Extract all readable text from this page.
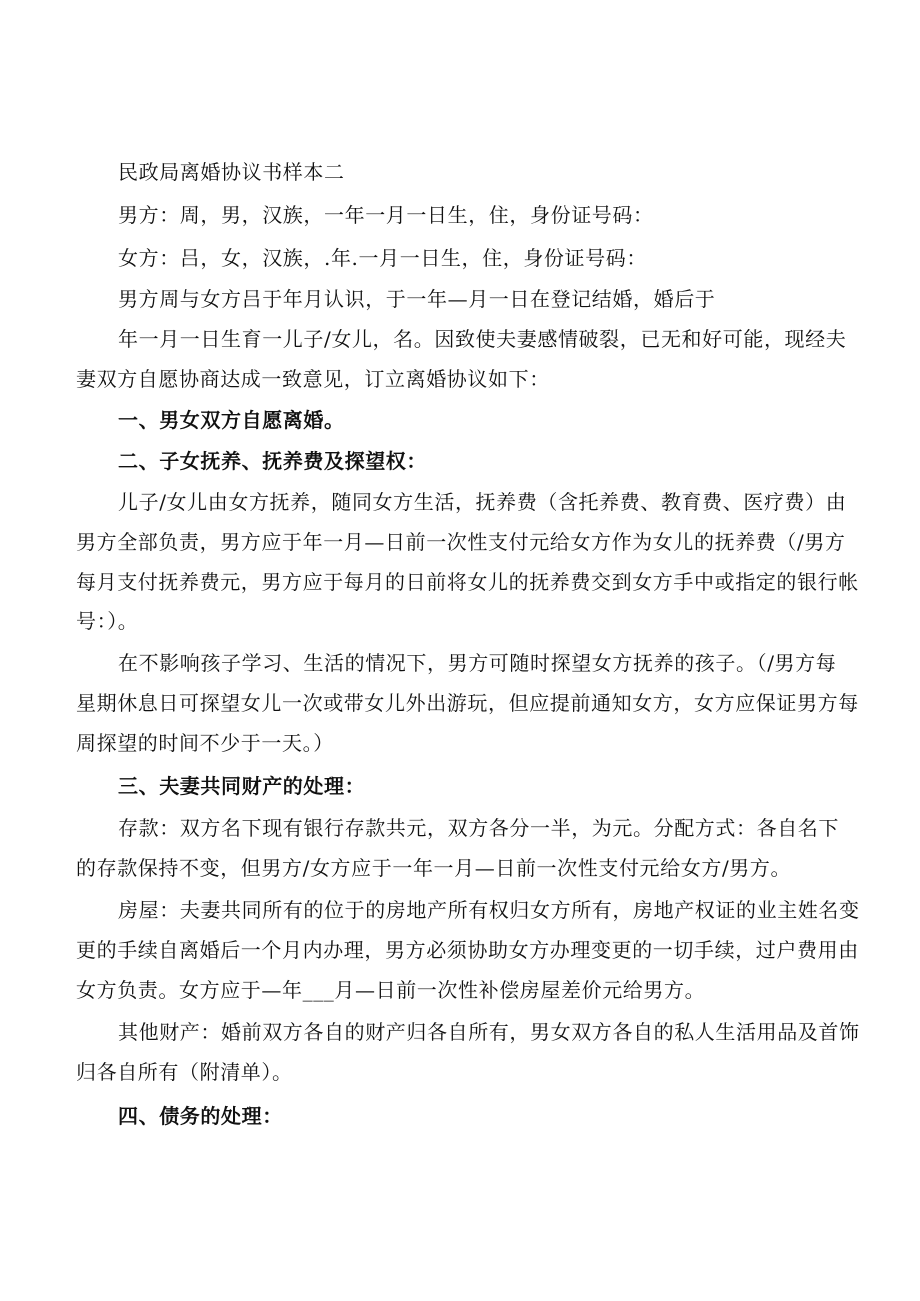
民政局离婚协议书样本二
男方：周，男，汉族，一年一月一日生，住，身份证号码：
女方：吕，女，汉族，.年.一月一日生，住，身份证号码：
男方周与女方吕于年月认识，于一年—月一日在登记结婚，婚后于
年一月一日生育一儿子/女儿，名。因致使夫妻感情破裂，已无和好可能，现经夫
妻双方自愿协商达成一致意见，订立离婚协议如下：
一、男女双方自愿离婚。
二、子女抚养、抚养费及探望权：
儿子/女儿由女方抚养，随同女方生活，抚养费（含托养费、教育费、医疗费）由
男方全部负责，男方应于年一月—日前一次性支付元给女方作为女儿的抚养费（/男方
每月支付抚养费元，男方应于每月的日前将女儿的抚养费交到女方手中或指定的银行帐
号：）。
在不影响孩子学习、生活的情况下，男方可随时探望女方抚养的孩子。（/男方每
星期休息日可探望女儿一次或带女儿外出游玩，但应提前通知女方，女方应保证男方每
周探望的时间不少于一天。）
三、夫妻共同财产的处理：
存款：双方名下现有银行存款共元，双方各分一半，为元。分配方式：各自名下
的存款保持不变，但男方/女方应于一年一月—日前一次性支付元给女方/男方。
房屋：夫妻共同所有的位于的房地产所有权归女方所有，房地产权证的业主姓名变
更的手续自离婚后一个月内办理，男方必须协助女方办理变更的一切手续，过户费用由
女方负责。女方应于—年___月—日前一次性补偿房屋差价元给男方。
其他财产：婚前双方各自的财产归各自所有，男女双方各自的私人生活用品及首饰
归各自所有（附清单）。
四、债务的处理：
